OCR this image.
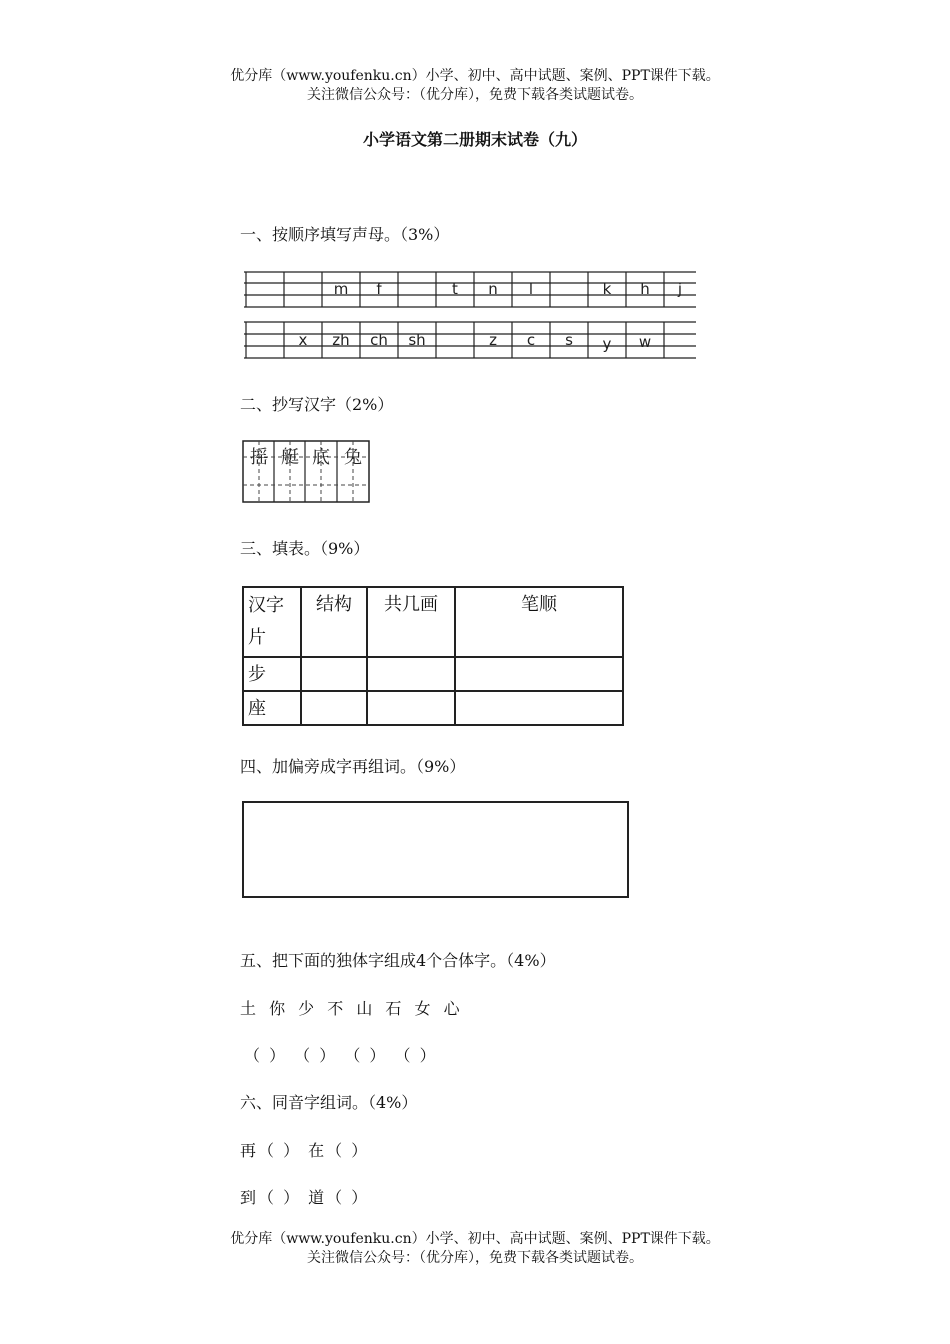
优分库（www.youfenku.cn）小学、初中、高中试题、案例、PPT课件下载。
关注微信公众号：（优分库），免费下载各类试题试卷。
小学语文第二册期末试卷（九）
一、按顺序填写声母。（3%）
m f	t n l	k h j
x zh ch sh	z c s y w
二、抄写汉字（2%）
摇 艇 底 兔
三、填表。（9%）
汉字片	结构	共几画	笔顺
步			
座			
四、加偏旁成字再组词。（9%）
五、把下面的独体字组成4个合体字。（4%）
土 你 少 不 山 石 女 心
（ ） （ ） （ ） （ ）
六、同音字组词。（4%）
再（ ） 在（ ）
到（ ） 道（ ）
优分库（www.youfenku.cn）小学、初中、高中试题、案例、PPT课件下载。
关注微信公众号：（优分库），免费下载各类试题试卷。
